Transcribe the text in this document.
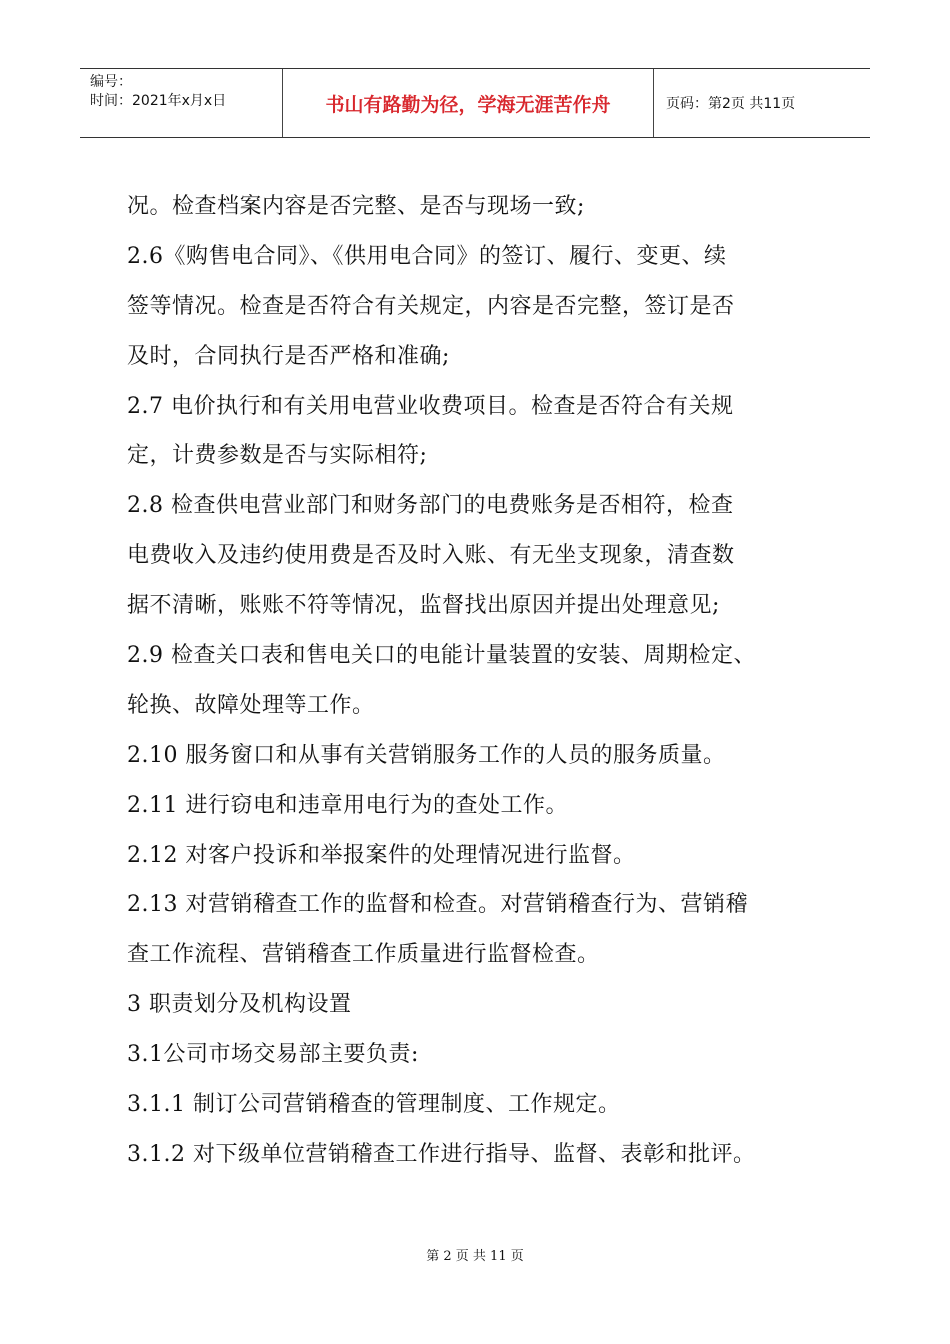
编号：
时间：2021年x月x日	书山有路勤为径，学海无涯苦作舟	页码：第2页 共11页
况。检查档案内容是否完整、是否与现场一致;
2.6《购售电合同》、《供用电合同》的签订、履行、变更、续
签等情况。检查是否符合有关规定，内容是否完整，签订是否
及时，合同执行是否严格和准确;
2.7 电价执行和有关用电营业收费项目。检查是否符合有关规
定，计费参数是否与实际相符;
2.8 检查供电营业部门和财务部门的电费账务是否相符，检查
电费收入及违约使用费是否及时入账、有无坐支现象，清查数
据不清晰，账账不符等情况，监督找出原因并提出处理意见;
2.9 检查关口表和售电关口的电能计量装置的安装、周期检定、
轮换、故障处理等工作。
2.10 服务窗口和从事有关营销服务工作的人员的服务质量。
2.11 进行窃电和违章用电行为的查处工作。
2.12 对客户投诉和举报案件的处理情况进行监督。
2.13 对营销稽查工作的监督和检查。对营销稽查行为、营销稽
查工作流程、营销稽查工作质量进行监督检查。
3 职责划分及机构设置
3.1公司市场交易部主要负责:
3.1.1 制订公司营销稽查的管理制度、工作规定。
3.1.2 对下级单位营销稽查工作进行指导、监督、表彰和批评。
第 2 页 共 11 页
